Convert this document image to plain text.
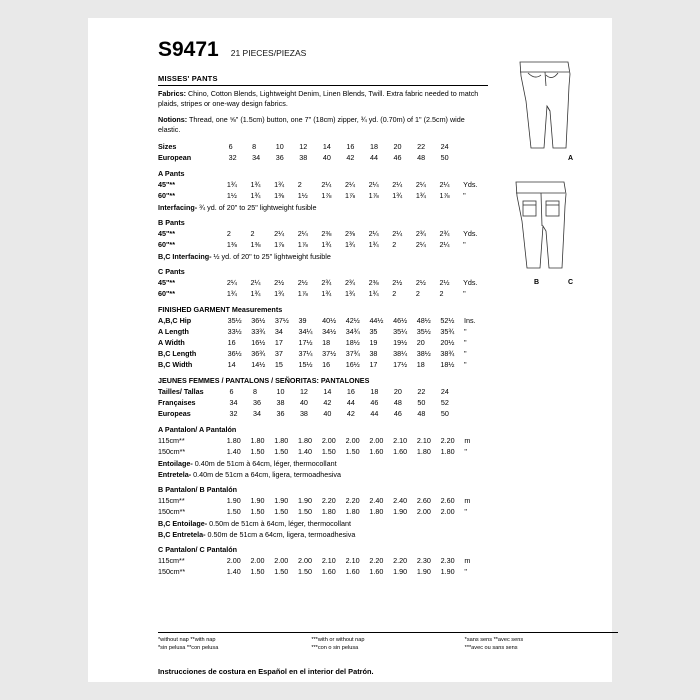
S9471 21 PIECES/PIEZAS
MISSES' PANTS
Fabrics: Chino, Cotton Blends, Lightweight Denim, Linen Blends, Twill. Extra fabric needed to match plaids, stripes or one-way design fabrics.
Notions: Thread, one ⅝" (1.5cm) button, one 7" (18cm) zipper, ¾ yd. (0.70m) of 1" (2.5cm) wide elastic.
Sizes	6	8	10	12	14	16	18	20	22	24	
European	32	34	36	38	40	42	44	46	48	50	
A Pants
45"**	1¾	1¾	1¾	2	2¼	2¼	2¼	2¼	2¼	2¼	Yds.
60"**	1½	1¾	1⅜	1½	1⅞	1⅞	1⅞	1¾	1¾	1⅞	"
Interfacing- ¾ yd. of 20" to 25" lightweight fusible
B Pants
45"**	2	2	2¼	2¼	2⅜	2⅜	2¼	2¼	2¾	2¾	Yds.
60"**	1⅜	1⅜	1⅞	1⅞	1¾	1¾	1¾	2	2¼	2¼	"
B,C Interfacing- ½ yd. of 20" to 25" lightweight fusible
C Pants
45"**	2¼	2¼	2½	2½	2¾	2¾	2⅜	2½	2½	2½	Yds.
60"**	1¾	1¾	1¾	1⅞	1¾	1¾	1¾	2	2	2	"
FINISHED GARMENT Measurements
A,B,C Hip	35½	36½	37½	39	40½	42½	44½	46½	48½	52½	Ins.
A Length	33½	33¾	34	34¼	34½	34¾	35	35¼	35½	35¾	"
A Width	16	16½	17	17½	18	18½	19	19½	20	20½	"
B,C Length	36½	36¾	37	37¼	37½	37¾	38	38¼	38½	38¾	"
B,C Width	14	14½	15	15½	16	16½	17	17½	18	18½	"
JEUNES FEMMES / PANTALONS / SEÑORITAS: PANTALONES
Tailles/ Tallas	6	8	10	12	14	16	18	20	22	24	
Françaises	34	36	38	40	42	44	46	48	50	52	
Europeas	32	34	36	38	40	42	44	46	48	50	
A Pantalon/ A Pantalón
115cm**	1.80	1.80	1.80	1.80	2.00	2.00	2.00	2.10	2.10	2.20	m
150cm**	1.40	1.50	1.50	1.40	1.50	1.50	1.60	1.60	1.80	1.80	"
Entoilage- 0.40m de 51cm à 64cm, léger, thermocollant
Entretela- 0.40m de 51cm a 64cm, ligera, termoadhesiva
B Pantalon/ B Pantalón
115cm**	1.90	1.90	1.90	1.90	2.20	2.20	2.40	2.40	2.60	2.60	m
150cm**	1.50	1.50	1.50	1.50	1.80	1.80	1.80	1.90	2.00	2.00	"
B,C Entoilage- 0.50m de 51cm à 64cm, léger, thermocollant
B,C Entretela- 0.50m de 51cm a 64cm, ligera, termoadhesiva
C Pantalon/ C Pantalón
115cm**	2.00	2.00	2.00	2.00	2.10	2.10	2.20	2.20	2.30	2.30	m
150cm**	1.40	1.50	1.50	1.50	1.60	1.60	1.60	1.90	1.90	1.90	"
A
B	C
*without nap **with nap
*sin pelusa **con pelusa
***with or without nap
***con o sin pelusa
*sans sens **avec sens
***avec ou sans sens
Instrucciones de costura en Español en el interior del Patrón.
